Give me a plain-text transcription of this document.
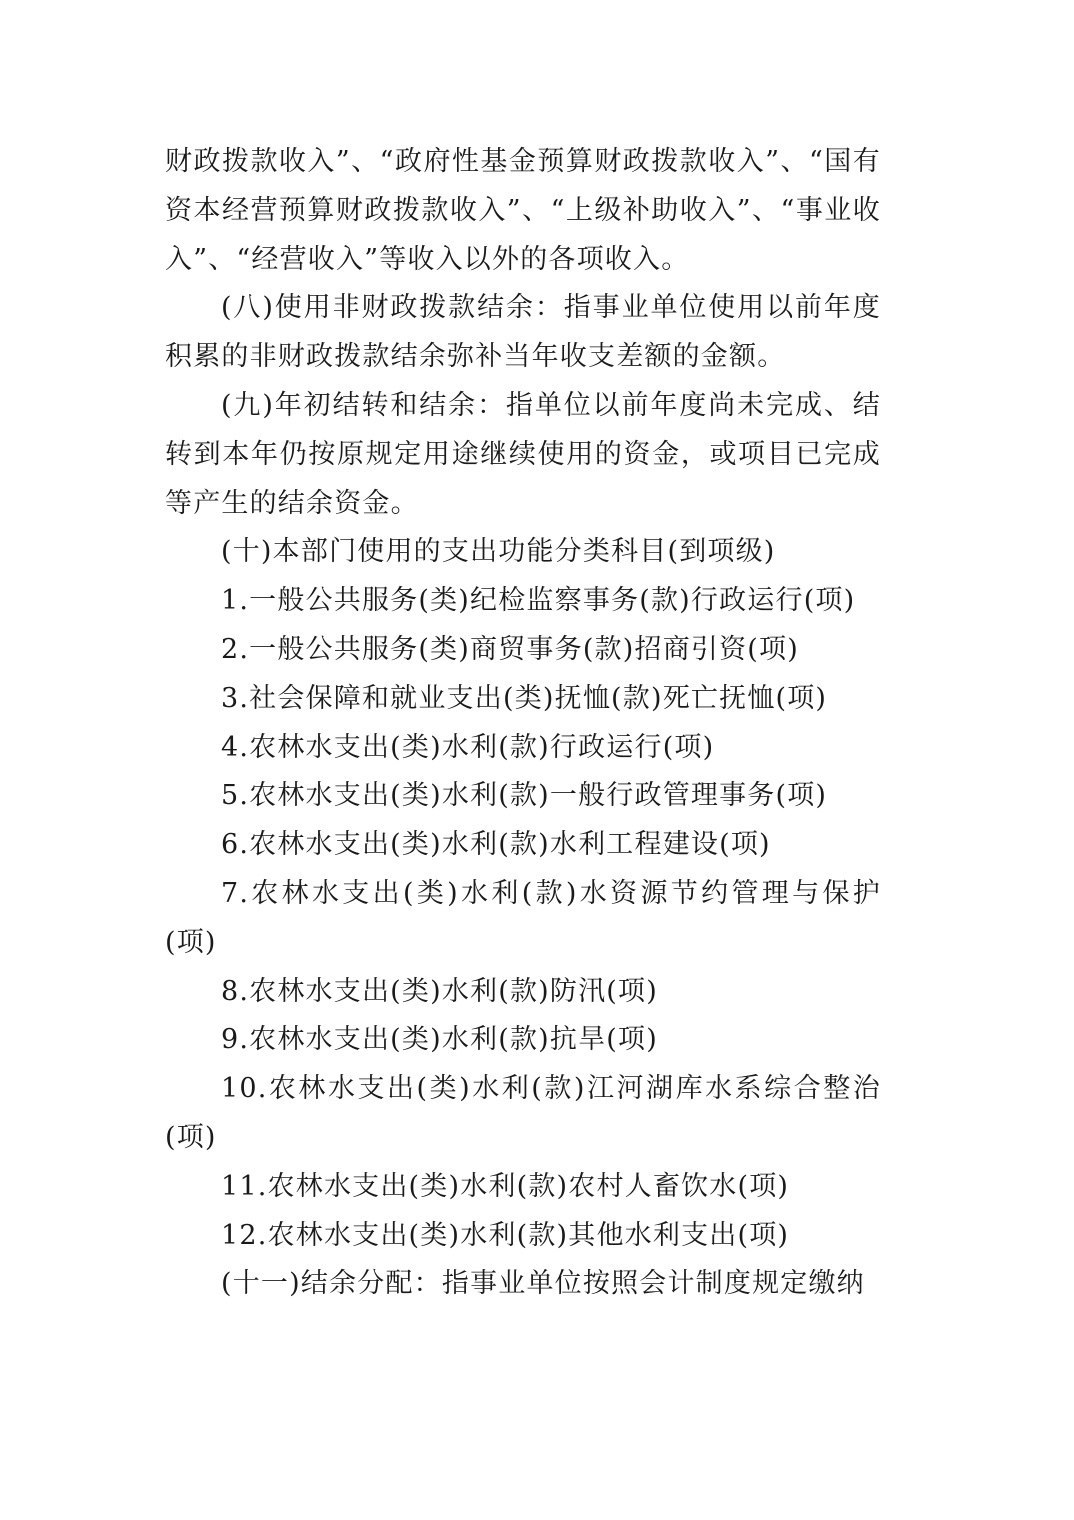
财政拨款收入”、“政府性基金预算财政拨款收入”、“国有资本经营预算财政拨款收入”、“上级补助收入”、“事业收入”、“经营收入”等收入以外的各项收入。

(八)使用非财政拨款结余：指事业单位使用以前年度积累的非财政拨款结余弥补当年收支差额的金额。

(九)年初结转和结余：指单位以前年度尚未完成、结转到本年仍按原规定用途继续使用的资金，或项目已完成等产生的结余资金。

(十)本部门使用的支出功能分类科目(到项级)

1.一般公共服务(类)纪检监察事务(款)行政运行(项)

2.一般公共服务(类)商贸事务(款)招商引资(项)

3.社会保障和就业支出(类)抚恤(款)死亡抚恤(项)

4.农林水支出(类)水利(款)行政运行(项)

5.农林水支出(类)水利(款)一般行政管理事务(项)

6.农林水支出(类)水利(款)水利工程建设(项)

7.农林水支出(类)水利(款)水资源节约管理与保护(项)

8.农林水支出(类)水利(款)防汛(项)

9.农林水支出(类)水利(款)抗旱(项)

10.农林水支出(类)水利(款)江河湖库水系综合整治(项)

11.农林水支出(类)水利(款)农村人畜饮水(项)

12.农林水支出(类)水利(款)其他水利支出(项)

(十一)结余分配：指事业单位按照会计制度规定缴纳
